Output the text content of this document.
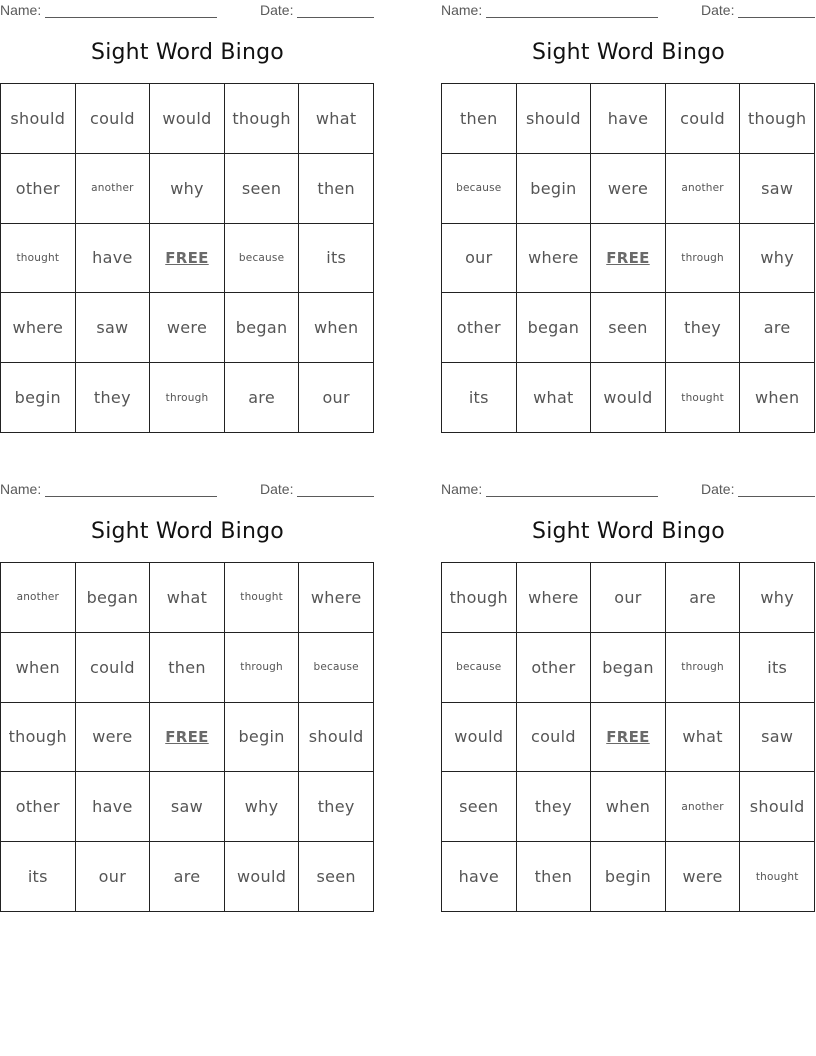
Name:	Date:
Sight Word Bingo
should	could	would	though	what
other	another	why	seen	then
thought	have	FREE	because	its
where	saw	were	began	when
begin	they	through	are	our
Name:	Date:
Sight Word Bingo
then	should	have	could	though
because	begin	were	another	saw
our	where	FREE	through	why
other	began	seen	they	are
its	what	would	thought	when
Name:	Date:
Sight Word Bingo
another	began	what	thought	where
when	could	then	through	because
though	were	FREE	begin	should
other	have	saw	why	they
its	our	are	would	seen
Name:	Date:
Sight Word Bingo
though	where	our	are	why
because	other	began	through	its
would	could	FREE	what	saw
seen	they	when	another	should
have	then	begin	were	thought
